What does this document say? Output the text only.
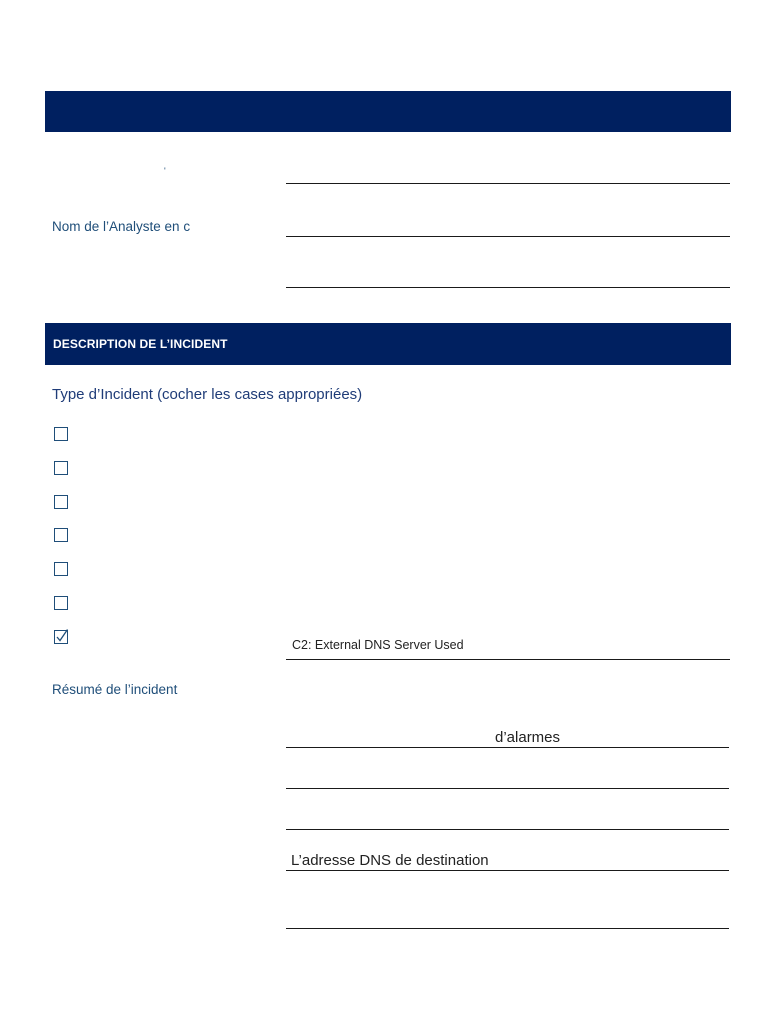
'
Nom de l’Analyste en c
DESCRIPTION DE L’INCIDENT
Type d’Incident (cocher les cases appropriées)
C2: External DNS Server Used
Résumé de l’incident
d’alarmes
L’adresse DNS de destination
